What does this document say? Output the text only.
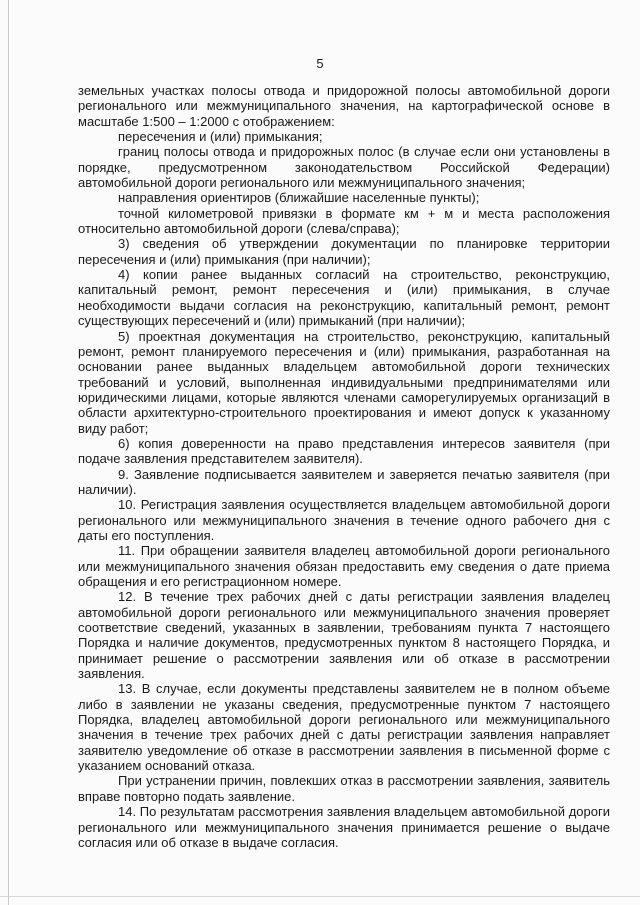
5

земельных участках полосы отвода и придорожной полосы автомобильной дороги регионального или межмуниципального значения, на картографической основе в масштабе 1:500 – 1:2000 с отображением:

пересечения и (или) примыкания;

границ полосы отвода и придорожных полос (в случае если они установлены в порядке, предусмотренном законодательством Российской Федерации) автомобильной дороги регионального или межмуниципального значения;

направления ориентиров (ближайшие населенные пункты);

точной километровой привязки в формате км + м и места расположения относительно автомобильной дороги (слева/справа);

3) сведения об утверждении документации по планировке территории пересечения и (или) примыкания (при наличии);

4) копии ранее выданных согласий на строительство, реконструкцию, капитальный ремонт, ремонт пересечения и (или) примыкания, в случае необходимости выдачи согласия на реконструкцию, капитальный ремонт, ремонт существующих пересечений и (или) примыканий (при наличии);

5) проектная документация на строительство, реконструкцию, капитальный ремонт, ремонт планируемого пересечения и (или) примыкания, разработанная на основании ранее выданных владельцем автомобильной дороги технических требований и условий, выполненная индивидуальными предпринимателями или юридическими лицами, которые являются членами саморегулируемых организаций в области архитектурно-строительного проектирования и имеют допуск к указанному виду работ;

6) копия доверенности на право представления интересов заявителя (при подаче заявления представителем заявителя).

9. Заявление подписывается заявителем и заверяется печатью заявителя (при наличии).

10. Регистрация заявления осуществляется владельцем автомобильной дороги регионального или межмуниципального значения в течение одного рабочего дня с даты его поступления.

11. При обращении заявителя владелец автомобильной дороги регионального или межмуниципального значения обязан предоставить ему сведения о дате приема обращения и его регистрационном номере.

12. В течение трех рабочих дней с даты регистрации заявления владелец автомобильной дороги регионального или межмуниципального значения проверяет соответствие сведений, указанных в заявлении, требованиям пункта 7 настоящего Порядка и наличие документов, предусмотренных пунктом 8 настоящего Порядка, и принимает решение о рассмотрении заявления или об отказе в рассмотрении заявления.

13. В случае, если документы представлены заявителем не в полном объеме либо в заявлении не указаны сведения, предусмотренные пунктом 7 настоящего Порядка, владелец автомобильной дороги регионального или межмуниципального значения в течение трех рабочих дней с даты регистрации заявления направляет заявителю уведомление об отказе в рассмотрении заявления в письменной форме с указанием оснований отказа.

При устранении причин, повлекших отказ в рассмотрении заявления, заявитель вправе повторно подать заявление.

14. По результатам рассмотрения заявления владельцем автомобильной дороги регионального или межмуниципального значения принимается решение о выдаче согласия или об отказе в выдаче согласия.
